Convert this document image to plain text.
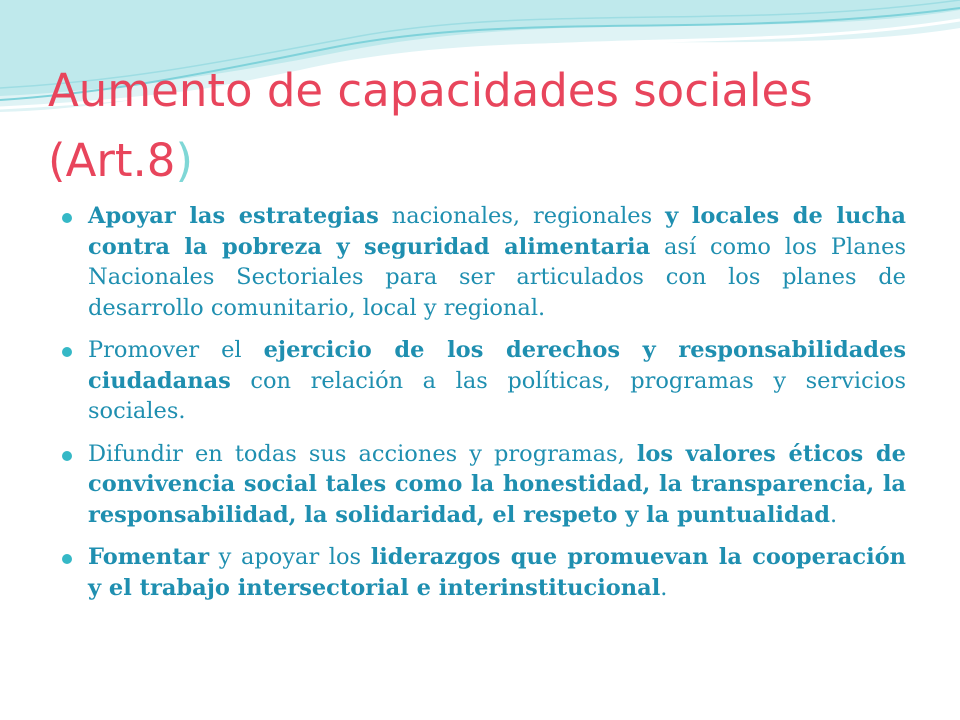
Aumento de capacidades sociales
(Art.8)
Apoyar las estrategias nacionales, regionales y locales de lucha contra la pobreza y seguridad alimentaria así como los Planes Nacionales Sectoriales para ser articulados con los planes de desarrollo comunitario, local y regional.
Promover el ejercicio de los derechos y responsabilidades ciudadanas con relación a las políticas, programas y servicios sociales.
Difundir en todas sus acciones y programas, los valores éticos de convivencia social tales como la honestidad, la transparencia, la responsabilidad, la solidaridad, el respeto y la puntualidad.
Fomentar y apoyar los liderazgos que promuevan la cooperación y el trabajo intersectorial e interinstitucional.
